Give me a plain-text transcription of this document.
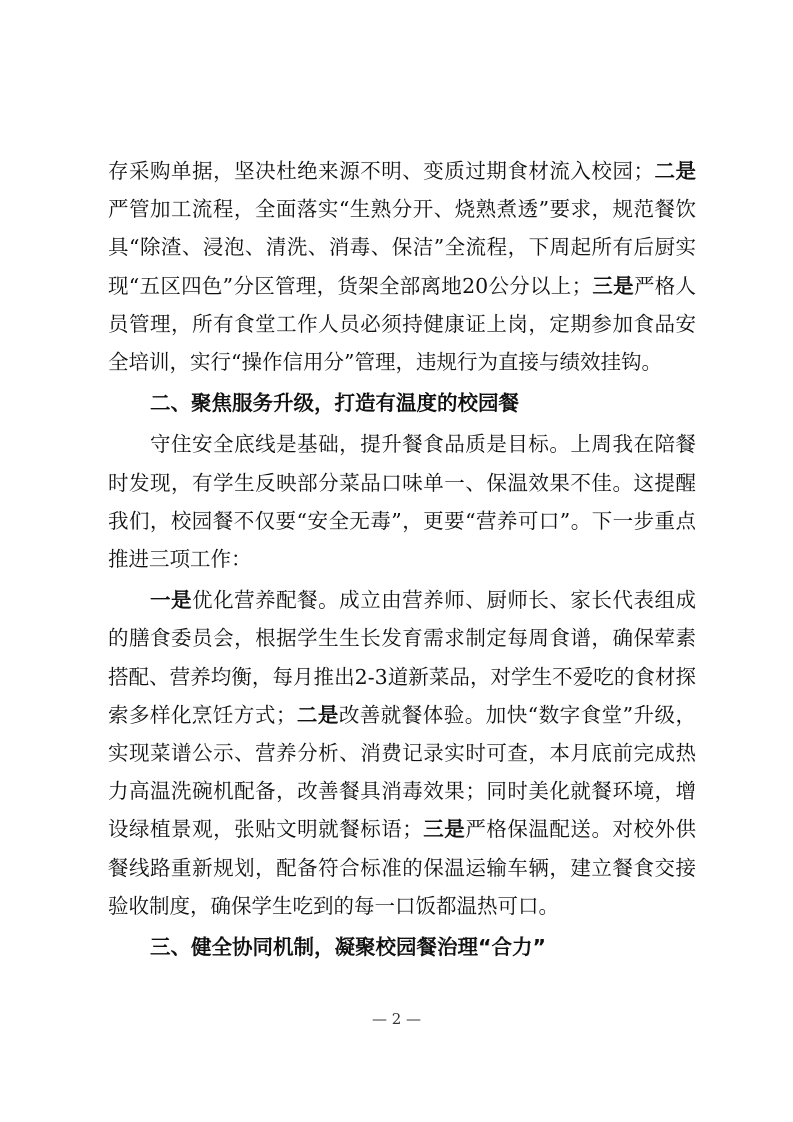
存采购单据，坚决杜绝来源不明、变质过期食材流入校园；二是严管加工流程，全面落实“生熟分开、烧熟煮透”要求，规范餐饮具“除渣、浸泡、清洗、消毒、保洁”全流程，下周起所有后厨实现“五区四色”分区管理，货架全部离地20公分以上；三是严格人员管理，所有食堂工作人员必须持健康证上岗，定期参加食品安全培训，实行“操作信用分”管理，违规行为直接与绩效挂钩。

二、聚焦服务升级，打造有温度的校园餐

守住安全底线是基础，提升餐食品质是目标。上周我在陪餐时发现，有学生反映部分菜品口味单一、保温效果不佳。这提醒我们，校园餐不仅要“安全无毒”，更要“营养可口”。下一步重点推进三项工作：

一是优化营养配餐。成立由营养师、厨师长、家长代表组成的膳食委员会，根据学生生长发育需求制定每周食谱，确保荤素搭配、营养均衡，每月推出2-3道新菜品，对学生不爱吃的食材探索多样化烹饪方式；二是改善就餐体验。加快“数字食堂”升级，实现菜谱公示、营养分析、消费记录实时可查，本月底前完成热力高温洗碗机配备，改善餐具消毒效果；同时美化就餐环境，增设绿植景观，张贴文明就餐标语；三是严格保温配送。对校外供餐线路重新规划，配备符合标准的保温运输车辆，建立餐食交接验收制度，确保学生吃到的每一口饭都温热可口。

三、健全协同机制，凝聚校园餐治理“合力”

— 2 —
